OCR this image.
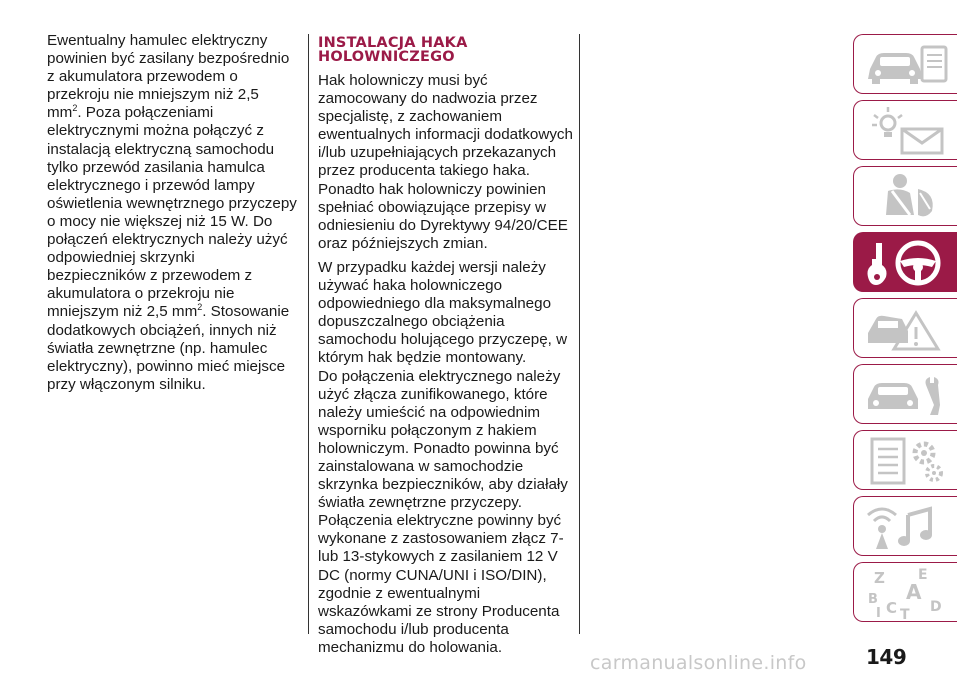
Ewentualny hamulec elektryczny powinien być zasilany bezpośrednio z akumulatora przewodem o przekroju nie mniejszym niż 2,5 $mm^2$. Poza połączeniami elektrycznymi można połączyć z instalacją elektryczną samochodu tylko przewód zasilania hamulca elektrycznego i przewód lampy oświetlenia wewnętrznego przyczepy o mocy nie większej niż 15 W. Do połączeń elektrycznych należy użyć odpowiedniej skrzynki bezpieczników z przewodem z akumulatora o przekroju nie mniejszym niż 2,5 $mm^2$. Stosowanie dodatkowych obciążeń, innych niż światła zewnętrzne (np. hamulec elektryczny), powinno mieć miejsce przy włączonym silniku.

INSTALACJA HAKA
HOLOWNICZEGO

Hak holowniczy musi być zamocowany do nadwozia przez specjalistę, z zachowaniem ewentualnych informacji dodatkowych i/lub uzupełniających przekazanych przez producenta takiego haka. Ponadto hak holowniczy powinien spełniać obowiązujące przepisy w odniesieniu do Dyrektywy 94/20/CEE oraz późniejszych zmian.

W przypadku każdej wersji należy używać haka holowniczego odpowiedniego dla maksymalnego dopuszczalnego obciążenia samochodu holującego przyczepę, w którym hak będzie montowany.

Do połączenia elektrycznego należy użyć złącza zunifikowanego, które należy umieścić na odpowiednim wsporniku połączonym z hakiem holowniczym. Ponadto powinna być zainstalowana w samochodzie skrzynka bezpieczników, aby działały światła zewnętrzne przyczepy. Połączenia elektryczne powinny być wykonane z zastosowaniem złącz 7- lub 13-stykowych z zasilaniem 12 V DC (normy CUNA/UNI i ISO/DIN), zgodnie z ewentualnymi wskazówkami ze strony Producenta samochodu i/lub producenta mechanizmu do holowania.

Z E
B A
C D
I T
carmanualsonline.info	149
